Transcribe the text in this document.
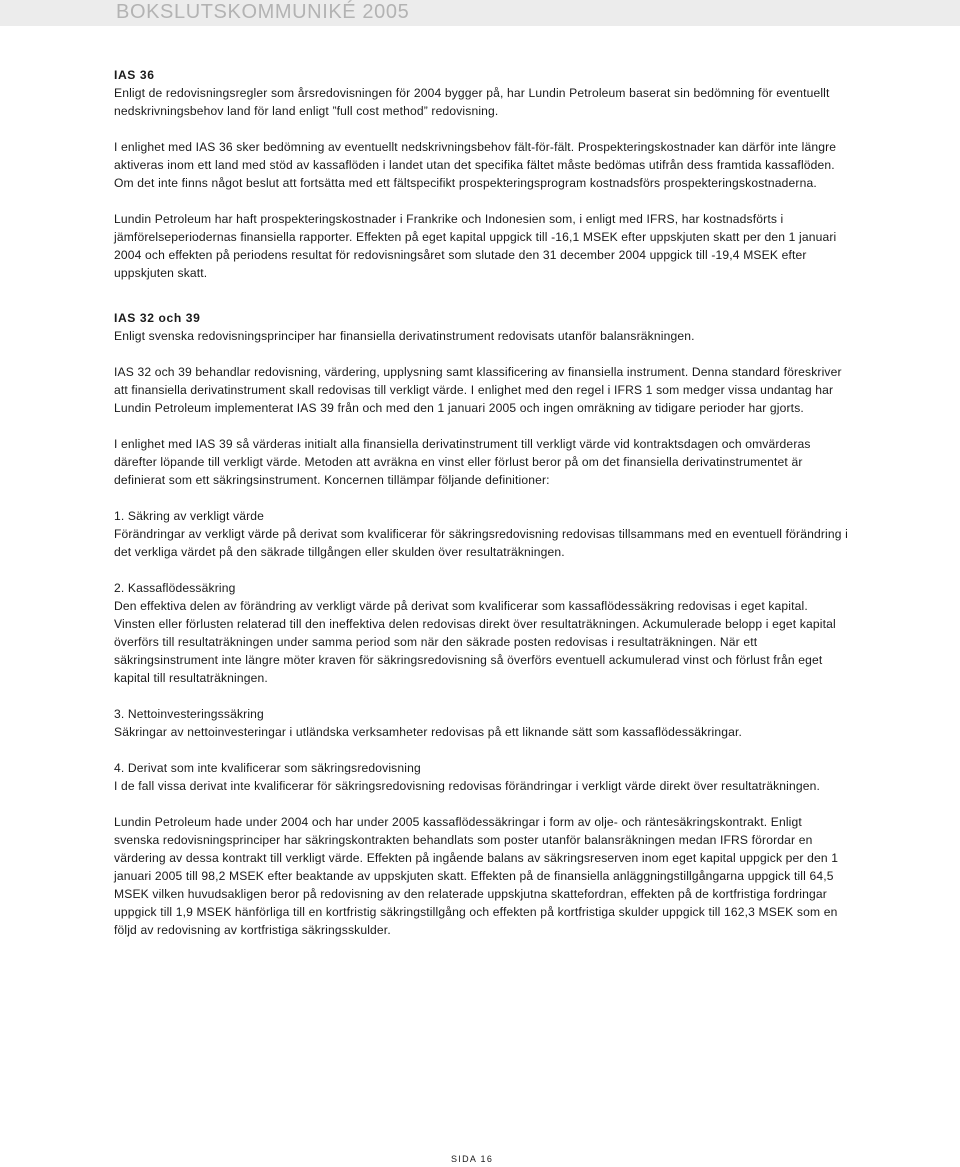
BOKSLUTSKOMMUNIKÉ 2005
IAS 36
Enligt de redovisningsregler som årsredovisningen för 2004 bygger på, har Lundin Petroleum baserat sin bedömning för eventuellt nedskrivningsbehov land för land enligt ”full cost method” redovisning.
I enlighet med IAS 36 sker bedömning av eventuellt nedskrivningsbehov fält-för-fält. Prospekteringskostnader kan därför inte längre aktiveras inom ett land med stöd av kassaflöden i landet utan det specifika fältet måste bedömas utifrån dess framtida kassaflöden. Om det inte finns något beslut att fortsätta med ett fältspecifikt prospekteringsprogram kostnadsförs prospekteringskostnaderna.
Lundin Petroleum har haft prospekteringskostnader i Frankrike och Indonesien som, i enligt med IFRS, har kostnadsförts i jämförelseperiodernas finansiella rapporter. Effekten på eget kapital uppgick till -16,1 MSEK efter uppskjuten skatt per den 1 januari 2004 och effekten på periodens resultat för redovisningsåret som slutade den 31 december 2004 uppgick till -19,4 MSEK efter uppskjuten skatt.
IAS 32 och 39
Enligt svenska redovisningsprinciper har finansiella derivatinstrument redovisats utanför balansräkningen.
IAS 32 och 39 behandlar redovisning, värdering, upplysning samt klassificering av finansiella instrument. Denna standard föreskriver att finansiella derivatinstrument skall redovisas till verkligt värde. I enlighet med den regel i IFRS 1 som medger vissa undantag har Lundin Petroleum implementerat IAS 39 från och med den 1 januari 2005 och ingen omräkning av tidigare perioder har gjorts.
I enlighet med IAS 39 så värderas initialt alla finansiella derivatinstrument till verkligt värde vid kontraktsdagen och omvärderas därefter löpande till verkligt värde. Metoden att avräkna en vinst eller förlust beror på om det finansiella derivatinstrumentet är definierat som ett säkringsinstrument. Koncernen tillämpar följande definitioner:
1. Säkring av verkligt värde
Förändringar av verkligt värde på derivat som kvalificerar för säkringsredovisning redovisas tillsammans med en eventuell förändring i det verkliga värdet på den säkrade tillgången eller skulden över resultaträkningen.
2. Kassaflödessäkring
Den effektiva delen av förändring av verkligt värde på derivat som kvalificerar som kassaflödessäkring redovisas i eget kapital. Vinsten eller förlusten relaterad till den ineffektiva delen redovisas direkt över resultaträkningen. Ackumulerade belopp i eget kapital överförs till resultaträkningen under samma period som när den säkrade posten redovisas i resultaträkningen. När ett säkringsinstrument inte längre möter kraven för säkringsredovisning så överförs eventuell ackumulerad vinst och förlust från eget kapital till resultaträkningen.
3. Nettoinvesteringssäkring
Säkringar av nettoinvesteringar i utländska verksamheter redovisas på ett liknande sätt som kassaflödessäkringar.
4. Derivat som inte kvalificerar som säkringsredovisning
I de fall vissa derivat inte kvalificerar för säkringsredovisning redovisas förändringar i verkligt värde direkt över resultaträkningen.
Lundin Petroleum hade under 2004 och har under 2005 kassaflödessäkringar i form av olje- och räntesäkringskontrakt. Enligt svenska redovisningsprinciper har säkringskontrakten behandlats som poster utanför balansräkningen medan IFRS förordar en värdering av dessa kontrakt till verkligt värde. Effekten på ingående balans av säkringsreserven inom eget kapital uppgick per den 1 januari 2005 till 98,2 MSEK efter beaktande av uppskjuten skatt. Effekten på de finansiella anläggningstillgångarna uppgick till 64,5 MSEK vilken huvudsakligen beror på redovisning av den relaterade uppskjutna skattefordran, effekten på de kortfristiga fordringar uppgick till 1,9 MSEK hänförliga till en kortfristig säkringstillgång och effekten på kortfristiga skulder uppgick till 162,3 MSEK som en följd av redovisning av kortfristiga säkringsskulder.
SIDA 16
